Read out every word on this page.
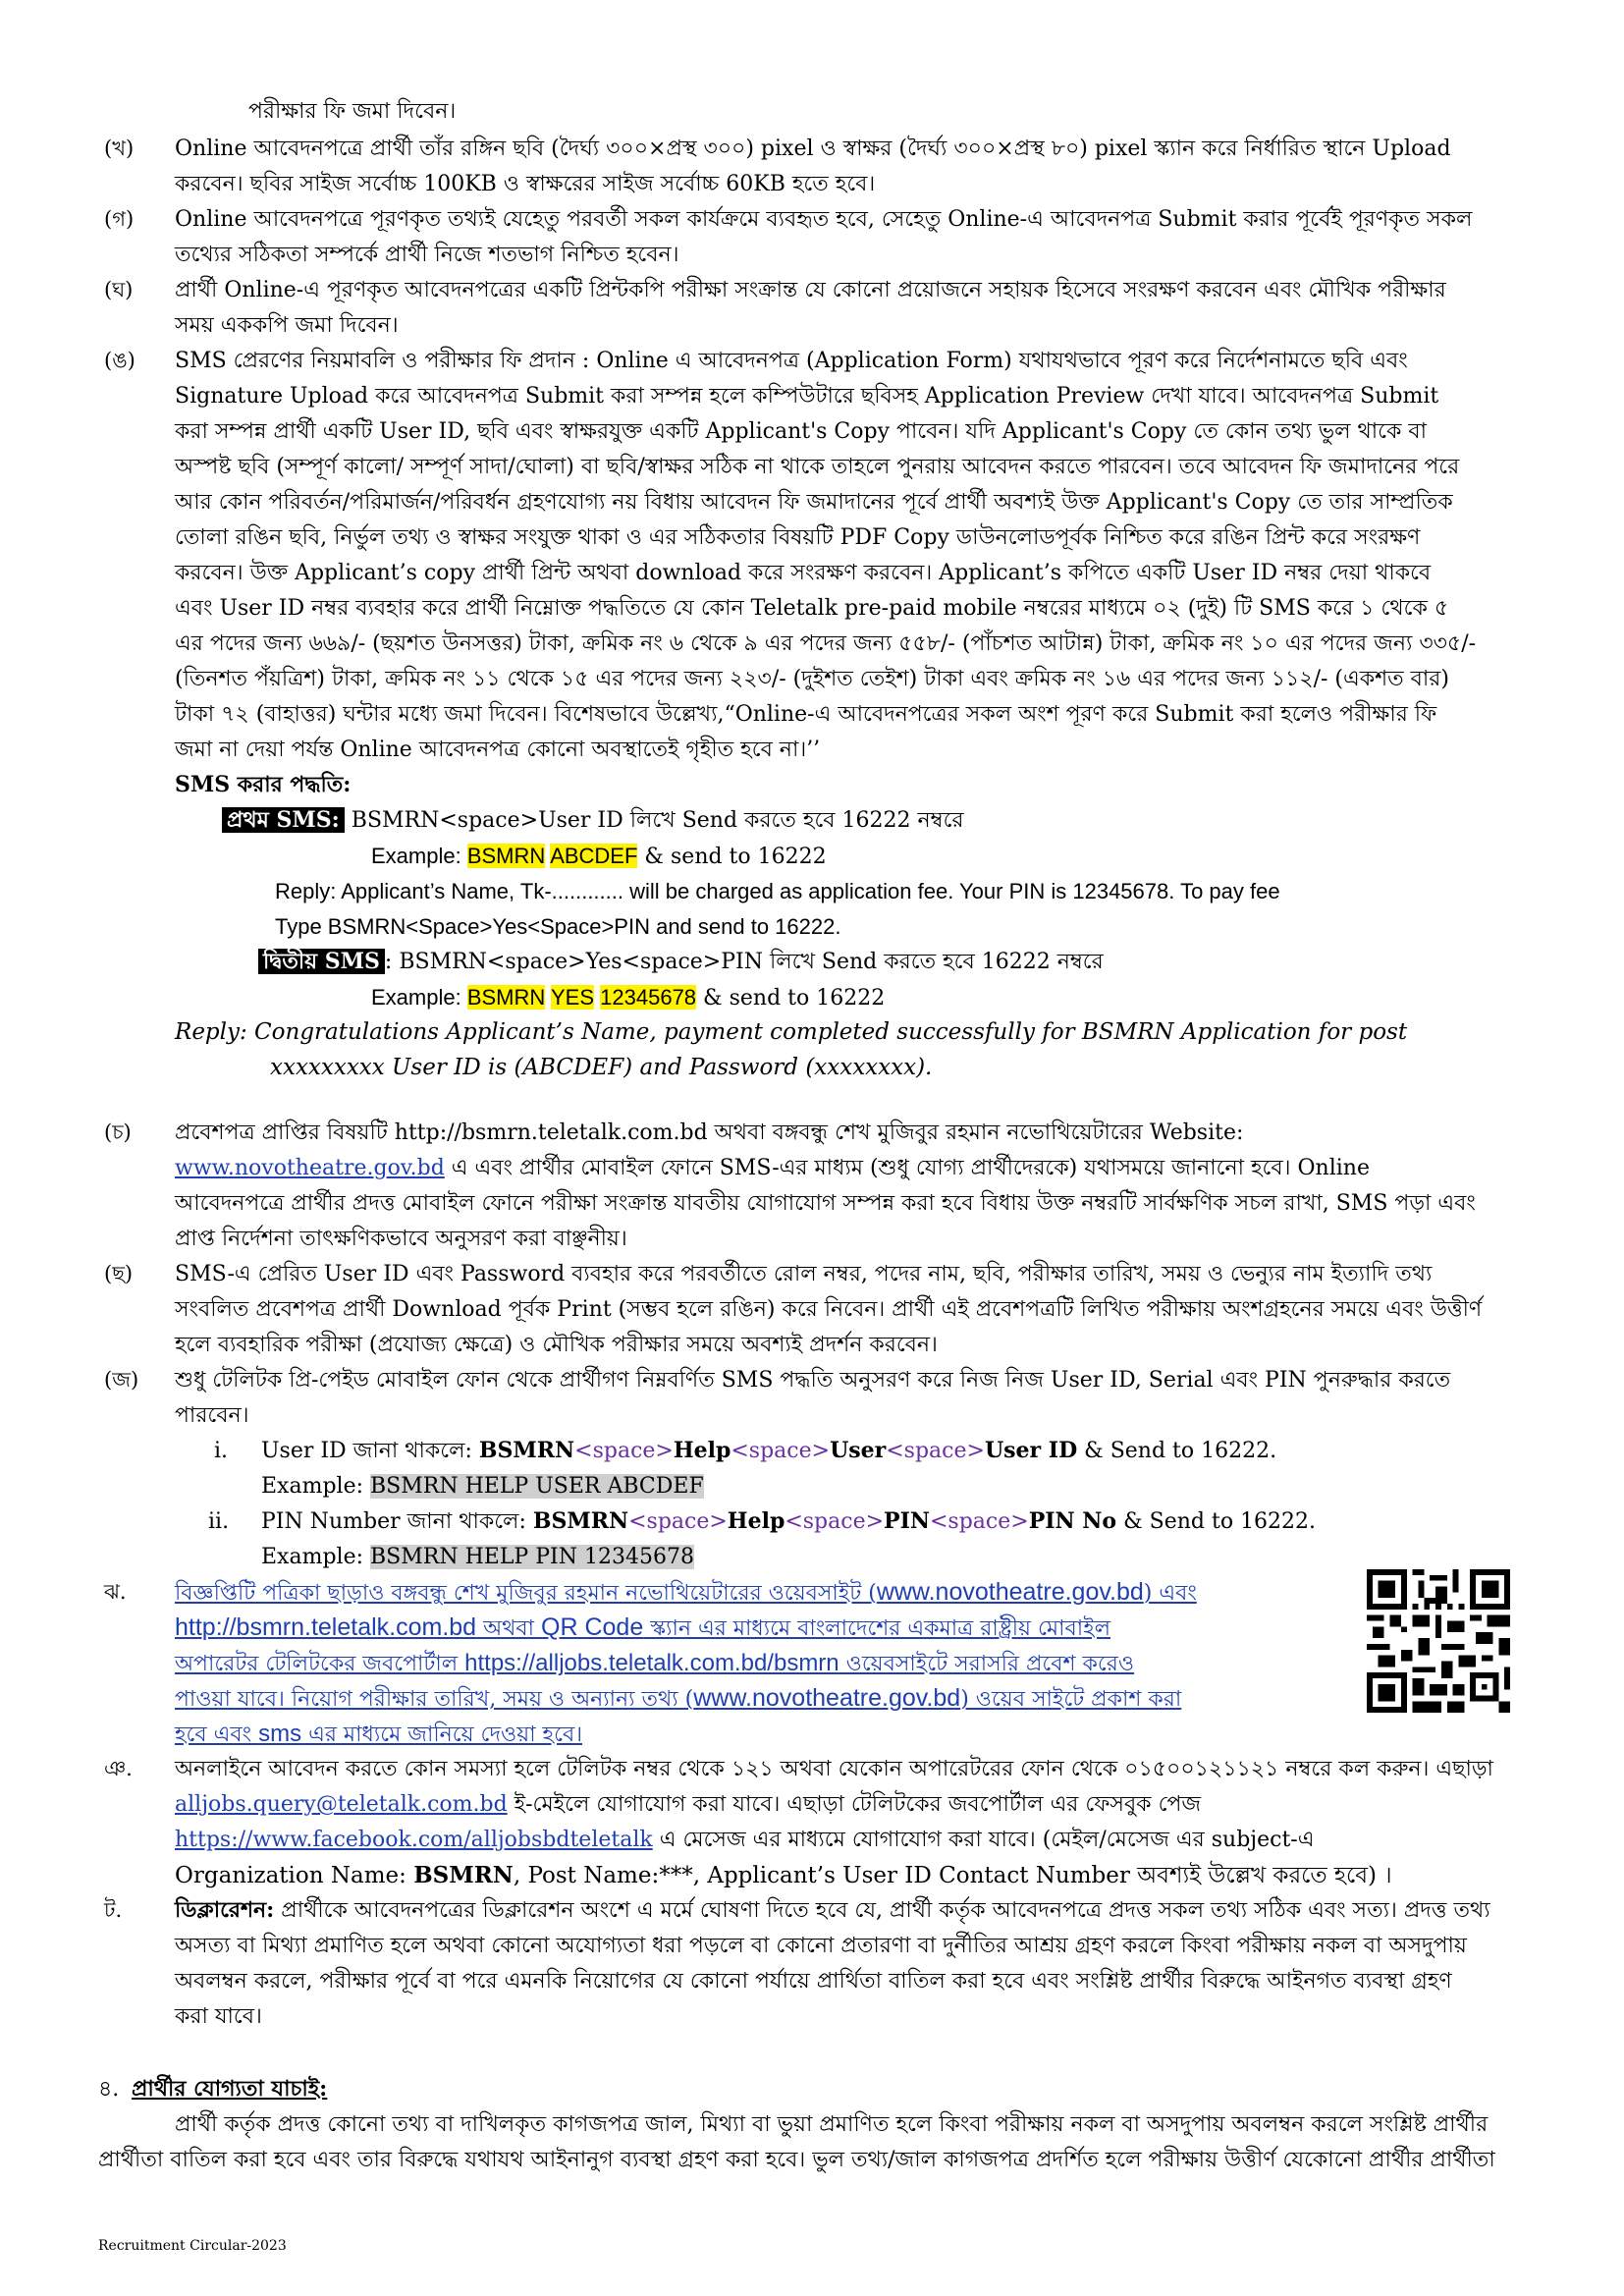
পরীক্ষার ফি জমা দিবেন।
(খ) Online আবেদনপত্রে প্রার্থী তাঁর রঙ্গিন ছবি (দৈর্ঘ্য ৩০০×প্রস্থ ৩০০) pixel ও স্বাক্ষর (দৈর্ঘ্য ৩০০×প্রস্থ ৮০) pixel স্ক্যান করে নির্ধারিত স্থানে Upload
করবেন। ছবির সাইজ সর্বোচ্চ 100KB ও স্বাক্ষরের সাইজ সর্বোচ্চ 60KB হতে হবে।
(গ) Online আবেদনপত্রে পূরণকৃত তথ্যই যেহেতু পরবর্তী সকল কার্যক্রমে ব্যবহৃত হবে, সেহেতু Online-এ আবেদনপত্র Submit করার পূর্বেই পূরণকৃত সকল
তথ্যের সঠিকতা সম্পর্কে প্রার্থী নিজে শতভাগ নিশ্চিত হবেন।
(ঘ) প্রার্থী Online-এ পূরণকৃত আবেদনপত্রের একটি প্রিন্টকপি পরীক্ষা সংক্রান্ত যে কোনো প্রয়োজনে সহায়ক হিসেবে সংরক্ষণ করবেন এবং মৌখিক পরীক্ষার
সময় এককপি জমা দিবেন।
(ঙ) SMS প্রেরণের নিয়মাবলি ও পরীক্ষার ফি প্রদান : Online এ আবেদনপত্র (Application Form) যথাযথভাবে পূরণ করে নির্দেশনামতে ছবি এবং
Signature Upload করে আবেদনপত্র Submit করা সম্পন্ন হলে কম্পিউটারে ছবিসহ Application Preview দেখা যাবে। আবেদনপত্র Submit
করা সম্পন্ন প্রার্থী একটি User ID, ছবি এবং স্বাক্ষরযুক্ত একটি Applicant's Copy পাবেন। যদি Applicant's Copy তে কোন তথ্য ভুল থাকে বা
অস্পষ্ট ছবি (সম্পূর্ণ কালো/ সম্পূর্ণ সাদা/ঘোলা) বা ছবি/স্বাক্ষর সঠিক না থাকে তাহলে পুনরায় আবেদন করতে পারবেন। তবে আবেদন ফি জমাদানের পরে
আর কোন পরিবর্তন/পরিমার্জন/পরিবর্ধন গ্রহণযোগ্য নয় বিধায় আবেদন ফি জমাদানের পূর্বে প্রার্থী অবশ্যই উক্ত Applicant's Copy তে তার সাম্প্রতিক
তোলা রঙিন ছবি, নির্ভুল তথ্য ও স্বাক্ষর সংযুক্ত থাকা ও এর সঠিকতার বিষয়টি PDF Copy ডাউনলোডপূর্বক নিশ্চিত করে রঙিন প্রিন্ট করে সংরক্ষণ
করবেন। উক্ত Applicant’s copy প্রার্থী প্রিন্ট অথবা download করে সংরক্ষণ করবেন। Applicant’s কপিতে একটি User ID নম্বর দেয়া থাকবে
এবং User ID নম্বর ব্যবহার করে প্রার্থী নিম্নোক্ত পদ্ধতিতে যে কোন Teletalk pre-paid mobile নম্বরের মাধ্যমে ০২ (দুই) টি SMS করে ১ থেকে ৫
এর পদের জন্য ৬৬৯/- (ছয়শত উনসত্তর) টাকা, ক্রমিক নং ৬ থেকে ৯ এর পদের জন্য ৫৫৮/- (পাঁচশত আটান্ন) টাকা, ক্রমিক নং ১০ এর পদের জন্য ৩৩৫/-
(তিনশত পঁয়ত্রিশ) টাকা, ক্রমিক নং ১১ থেকে ১৫ এর পদের জন্য ২২৩/- (দুইশত তেইশ) টাকা এবং ক্রমিক নং ১৬ এর পদের জন্য ১১২/- (একশত বার)
টাকা ৭২ (বাহাত্তর) ঘন্টার মধ্যে জমা দিবেন। বিশেষভাবে উল্লেখ্য,“Online-এ আবেদনপত্রের সকল অংশ পূরণ করে Submit করা হলেও পরীক্ষার ফি
জমা না দেয়া পর্যন্ত Online আবেদনপত্র কোনো অবস্থাতেই গৃহীত হবে না।’’
SMS করার পদ্ধতি:
প্রথম SMS: BSMRN<space>User ID লিখে Send করতে হবে 16222 নম্বরে
Example: BSMRN ABCDEF & send to 16222
Reply: Applicant’s Name, Tk-............ will be charged as application fee. Your PIN is 12345678. To pay fee
Type BSMRN<Space>Yes<Space>PIN and send to 16222.
দ্বিতীয় SMS : BSMRN<space>Yes<space>PIN লিখে Send করতে হবে 16222 নম্বরে
Example: BSMRN YES 12345678 & send to 16222
Reply: Congratulations Applicant’s Name, payment completed successfully for BSMRN Application for post
xxxxxxxxx User ID is (ABCDEF) and Password (xxxxxxxx).
(চ) প্রবেশপত্র প্রাপ্তির বিষয়টি http://bsmrn.teletalk.com.bd অথবা বঙ্গবন্ধু শেখ মুজিবুর রহমান নভোথিয়েটারের Website:
www.novotheatre.gov.bd এ এবং প্রার্থীর মোবাইল ফোনে SMS-এর মাধ্যম (শুধু যোগ্য প্রার্থীদেরকে) যথাসময়ে জানানো হবে। Online
আবেদনপত্রে প্রার্থীর প্রদত্ত মোবাইল ফোনে পরীক্ষা সংক্রান্ত যাবতীয় যোগাযোগ সম্পন্ন করা হবে বিধায় উক্ত নম্বরটি সার্বক্ষণিক সচল রাখা, SMS পড়া এবং
প্রাপ্ত নির্দেশনা তাৎক্ষণিকভাবে অনুসরণ করা বাঞ্ছনীয়।
(ছ) SMS-এ প্রেরিত User ID এবং Password ব্যবহার করে পরবর্তীতে রোল নম্বর, পদের নাম, ছবি, পরীক্ষার তারিখ, সময় ও ভেন্যুর নাম ইত্যাদি তথ্য
সংবলিত প্রবেশপত্র প্রার্থী Download পূর্বক Print (সম্ভব হলে রঙিন) করে নিবেন। প্রার্থী এই প্রবেশপত্রটি লিখিত পরীক্ষায় অংশগ্রহনের সময়ে এবং উত্তীর্ণ
হলে ব্যবহারিক পরীক্ষা (প্রযোজ্য ক্ষেত্রে) ও মৌখিক পরীক্ষার সময়ে অবশ্যই প্রদর্শন করবেন।
(জ) শুধু টেলিটক প্রি-পেইড মোবাইল ফোন থেকে প্রার্থীগণ নিম্নবর্ণিত SMS পদ্ধতি অনুসরণ করে নিজ নিজ User ID, Serial এবং PIN পুনরুদ্ধার করতে
পারবেন।
i.	User ID জানা থাকলে: BSMRN<space>Help<space>User<space>User ID & Send to 16222.
Example: BSMRN HELP USER ABCDEF
ii.	PIN Number জানা থাকলে: BSMRN<space>Help<space>PIN<space>PIN No & Send to 16222.
Example: BSMRN HELP PIN 12345678
ঝ. বিজ্ঞপ্তিটি পত্রিকা ছাড়াও বঙ্গবন্ধু শেখ মুজিবুর রহমান নভোথিয়েটারের ওয়েবসাইট (www.novotheatre.gov.bd) এবং
http://bsmrn.teletalk.com.bd অথবা QR Code স্ক্যান এর মাধ্যমে বাংলাদেশের একমাত্র রাষ্ট্রীয় মোবাইল
অপারেটর টেলিটকের জবপোর্টাল https://alljobs.teletalk.com.bd/bsmrn ওয়েবসাইটে সরাসরি প্রবেশ করেও
পাওয়া যাবে। নিয়োগ পরীক্ষার তারিখ, সময় ও অন্যান্য তথ্য (www.novotheatre.gov.bd) ওয়েব সাইটে প্রকাশ করা
হবে এবং sms এর মাধ্যমে জানিয়ে দেওয়া হবে।
ঞ. অনলাইনে আবেদন করতে কোন সমস্যা হলে টেলিটক নম্বর থেকে ১২১ অথবা যেকোন অপারেটরের ফোন থেকে ০১৫০০১২১১২১ নম্বরে কল করুন। এছাড়া
alljobs.query@teletalk.com.bd ই-মেইলে যোগাযোগ করা যাবে। এছাড়া টেলিটকের জবপোর্টাল এর ফেসবুক পেজ
https://www.facebook.com/alljobsbdteletalk এ মেসেজ এর মাধ্যমে যোগাযোগ করা যাবে। (মেইল/মেসেজ এর subject-এ
Organization Name: BSMRN, Post Name:***, Applicant’s User ID Contact Number অবশ্যই উল্লেখ করতে হবে) ।
ট. ডিক্লারেশন: প্রার্থীকে আবেদনপত্রের ডিক্লারেশন অংশে এ মর্মে ঘোষণা দিতে হবে যে, প্রার্থী কর্তৃক আবেদনপত্রে প্রদত্ত সকল তথ্য সঠিক এবং সত্য। প্রদত্ত তথ্য
অসত্য বা মিথ্যা প্রমাণিত হলে অথবা কোনো অযোগ্যতা ধরা পড়লে বা কোনো প্রতারণা বা দুর্নীতির আশ্রয় গ্রহণ করলে কিংবা পরীক্ষায় নকল বা অসদুপায়
অবলম্বন করলে, পরীক্ষার পূর্বে বা পরে এমনকি নিয়োগের যে কোনো পর্যায়ে প্রার্থিতা বাতিল করা হবে এবং সংশ্লিষ্ট প্রার্থীর বিরুদ্ধে আইনগত ব্যবস্থা গ্রহণ
করা যাবে।
৪. প্রার্থীর যোগ্যতা যাচাই:
প্রার্থী কর্তৃক প্রদত্ত কোনো তথ্য বা দাখিলকৃত কাগজপত্র জাল, মিথ্যা বা ভুয়া প্রমাণিত হলে কিংবা পরীক্ষায় নকল বা অসদুপায় অবলম্বন করলে সংশ্লিষ্ট প্রার্থীর
প্রার্থীতা বাতিল করা হবে এবং তার বিরুদ্ধে যথাযথ আইনানুগ ব্যবস্থা গ্রহণ করা হবে। ভুল তথ্য/জাল কাগজপত্র প্রদর্শিত হলে পরীক্ষায় উত্তীর্ণ যেকোনো প্রার্থীর প্রার্থীতা
Recruitment Circular-2023
